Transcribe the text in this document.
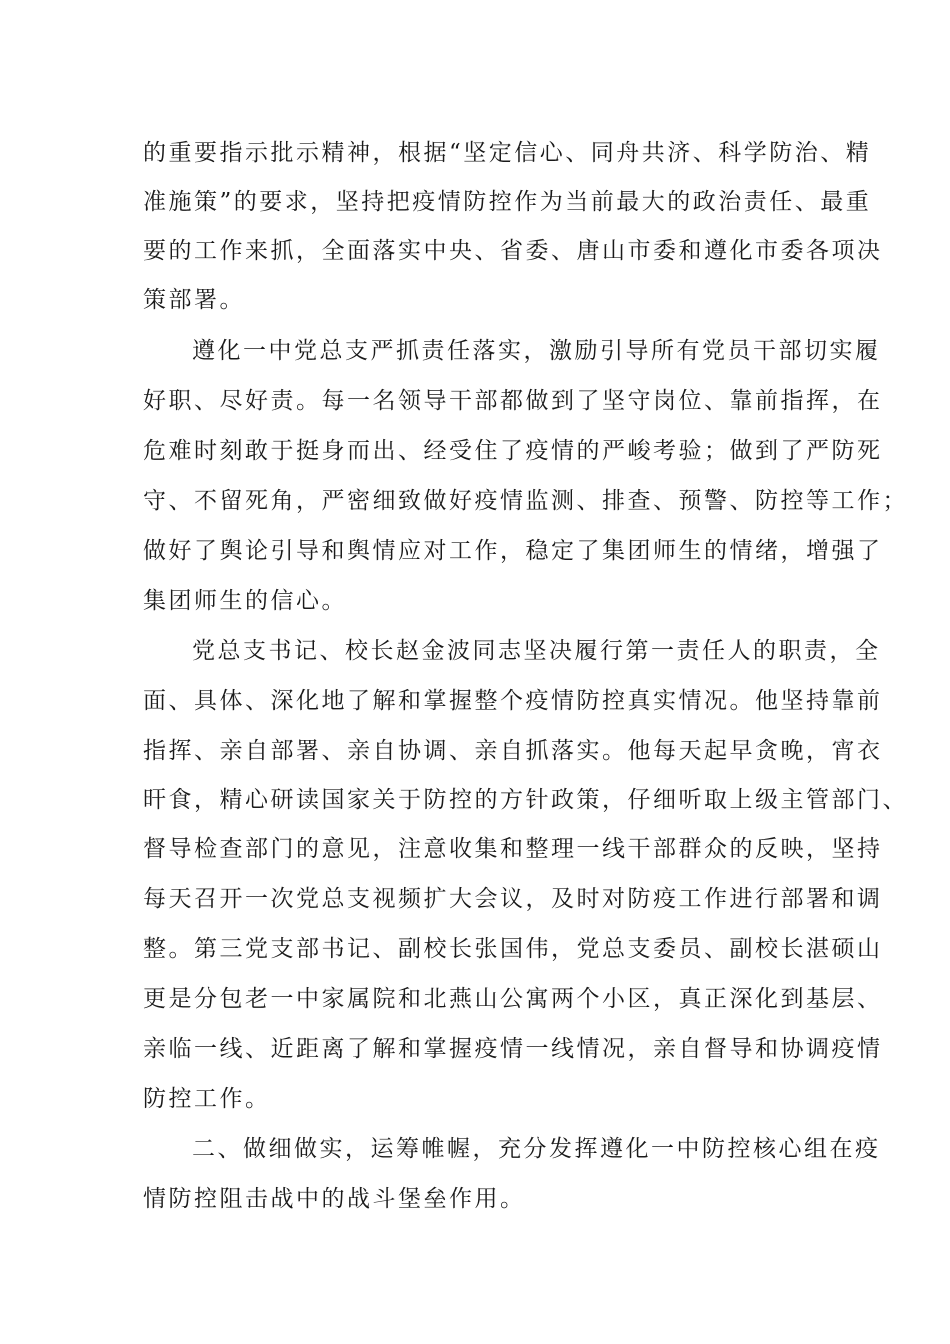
的重要指示批示精神，根据“坚定信心、同舟共济、科学防治、精
准施策”的要求，坚持把疫情防控作为当前最大的政治责任、最重
要的工作来抓，全面落实中央、省委、唐山市委和遵化市委各项决
策部署。
遵化一中党总支严抓责任落实，激励引导所有党员干部切实履
好职、尽好责。每一名领导干部都做到了坚守岗位、靠前指挥，在
危难时刻敢于挺身而出、经受住了疫情的严峻考验；做到了严防死
守、不留死角，严密细致做好疫情监测、排查、预警、防控等工作；
做好了舆论引导和舆情应对工作，稳定了集团师生的情绪，增强了
集团师生的信心。
党总支书记、校长赵金波同志坚决履行第一责任人的职责，全
面、具体、深化地了解和掌握整个疫情防控真实情况。他坚持靠前
指挥、亲自部署、亲自协调、亲自抓落实。他每天起早贪晚，宵衣
旰食，精心研读国家关于防控的方针政策，仔细听取上级主管部门、
督导检查部门的意见，注意收集和整理一线干部群众的反映，坚持
每天召开一次党总支视频扩大会议，及时对防疫工作进行部署和调
整。第三党支部书记、副校长张国伟，党总支委员、副校长湛硕山
更是分包老一中家属院和北燕山公寓两个小区，真正深化到基层、
亲临一线、近距离了解和掌握疫情一线情况，亲自督导和协调疫情
防控工作。
二、做细做实，运筹帷幄，充分发挥遵化一中防控核心组在疫
情防控阻击战中的战斗堡垒作用。
